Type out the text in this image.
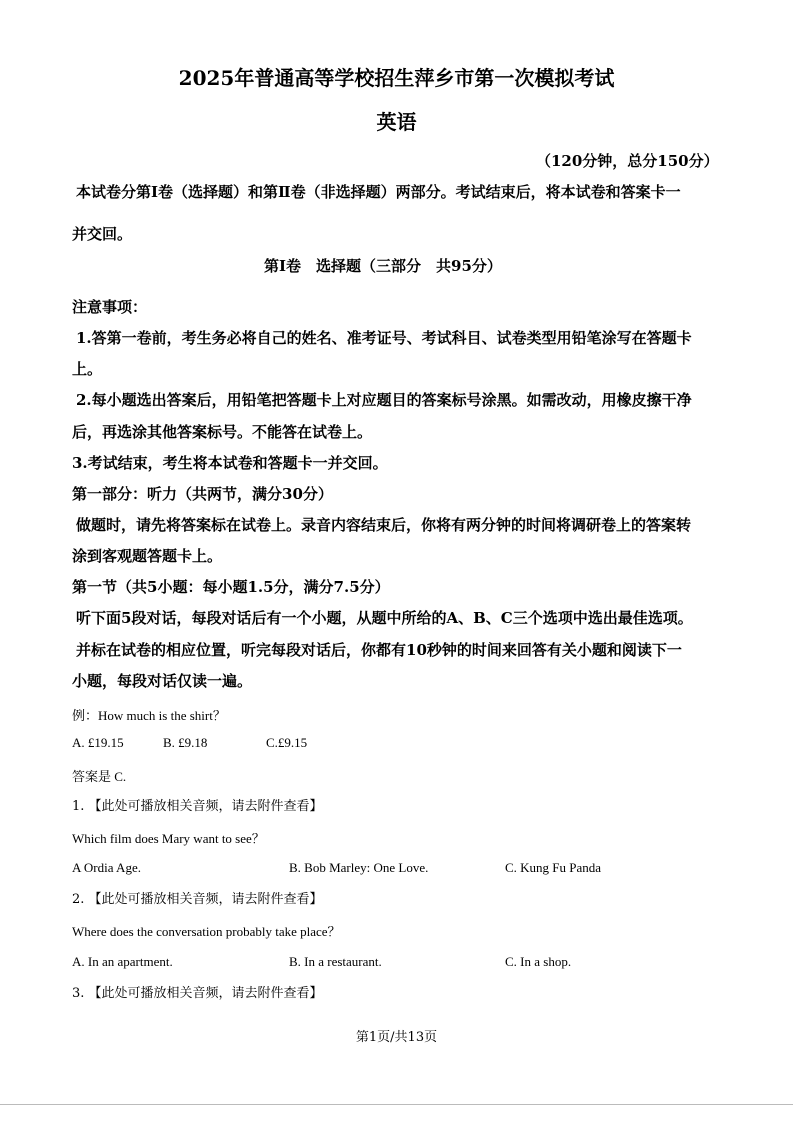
2025年普通高等学校招生萍乡市第一次模拟考试
英语
（120分钟，总分150分）
本试卷分第Ⅰ卷（选择题）和第Ⅱ卷（非选择题）两部分。考试结束后，将本试卷和答案卡一
并交回。
第Ⅰ卷　选择题（三部分　共95分）
注意事项：
1.答第一卷前，考生务必将自己的姓名、准考证号、考试科目、试卷类型用铅笔涂写在答题卡
上。
2.每小题选出答案后，用铅笔把答题卡上对应题目的答案标号涂黑。如需改动，用橡皮擦干净
后，再选涂其他答案标号。不能答在试卷上。
3.考试结束，考生将本试卷和答题卡一并交回。
第一部分：听力（共两节，满分30分）
做题时，请先将答案标在试卷上。录音内容结束后，你将有两分钟的时间将调研卷上的答案转
涂到客观题答题卡上。
第一节（共5小题：每小题1.5分，满分7.5分）
听下面5段对话，每段对话后有一个小题，从题中所给的A、B、C三个选项中选出最佳选项。
并标在试卷的相应位置，听完每段对话后，你都有10秒钟的时间来回答有关小题和阅读下一
小题，每段对话仅读一遍。
例：How much is the shirt？
A. £19.15	B. £9.18	C.£9.15
答案是 C.
1. 【此处可播放相关音频，请去附件查看】
Which film does Mary want to see？
A Ordia Age.	B. Bob Marley: One Love.	C. Kung Fu Panda
2. 【此处可播放相关音频，请去附件查看】
Where does the conversation probably take place？
A. In an apartment.	B. In a restaurant.	C. In a shop.
3. 【此处可播放相关音频，请去附件查看】
第1页/共13页
